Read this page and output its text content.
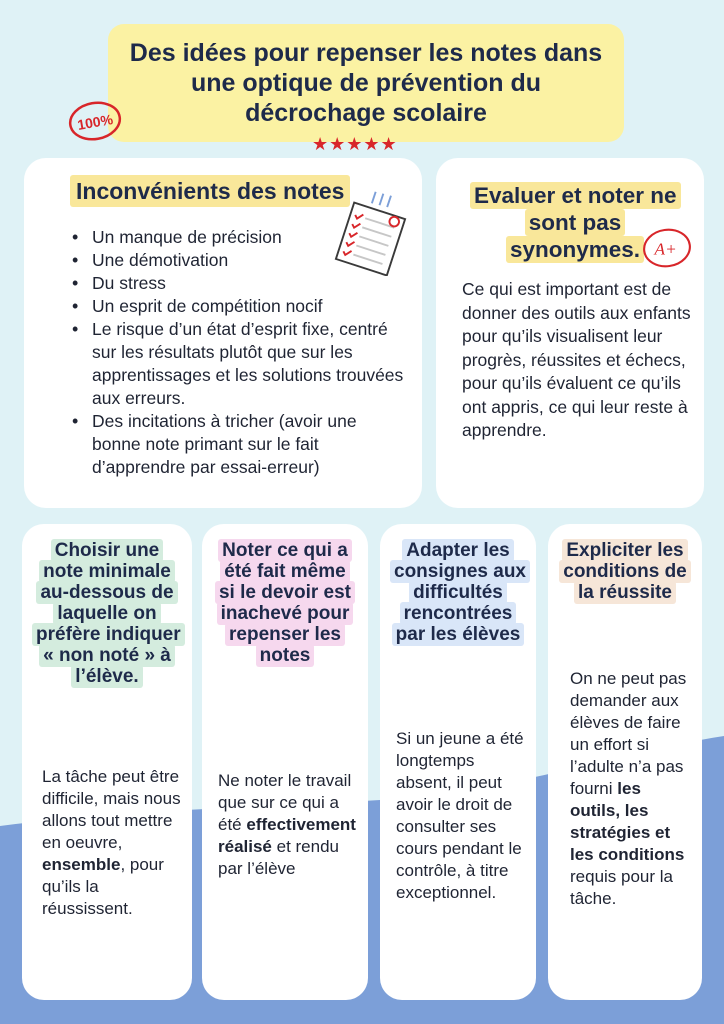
Des idées pour repenser les notes dans une optique de prévention du décrochage scolaire
100%
★★★★★
Inconvénients des notes
• Un manque de précision
• Une démotivation
• Du stress
• Un esprit de compétition nocif
• Le risque d’un état d’esprit fixe, centré sur les résultats plutôt que sur les apprentissages et les solutions trouvées aux erreurs.
• Des incitations à tricher (avoir une bonne note primant sur le fait d’apprendre par essai-erreur)
Evaluer et noter ne sont pas synonymes. A+

Ce qui est important est de donner des outils aux enfants pour qu’ils visualisent leur progrès, réussites et échecs, pour qu’ils évaluent ce qu’ils ont appris, ce qui leur reste à apprendre.

Choisir une note minimale au-dessous de laquelle on préfère indiquer « non noté » à l’élève.

La tâche peut être difficile, mais nous allons tout mettre en oeuvre, ensemble, pour qu’ils la réussissent.

Noter ce qui a été fait même si le devoir est inachevé pour repenser les notes

Ne noter le travail que sur ce qui a été effectivement réalisé et rendu par l’élève

Adapter les consignes aux difficultés rencontrées par les élèves

Si un jeune a été longtemps absent, il peut avoir le droit de consulter ses cours pendant le contrôle, à titre exceptionnel.

Expliciter les conditions de la réussite

On ne peut pas demander aux élèves de faire un effort si l’adulte n’a pas fourni les outils, les stratégies et les conditions requis pour la tâche.
